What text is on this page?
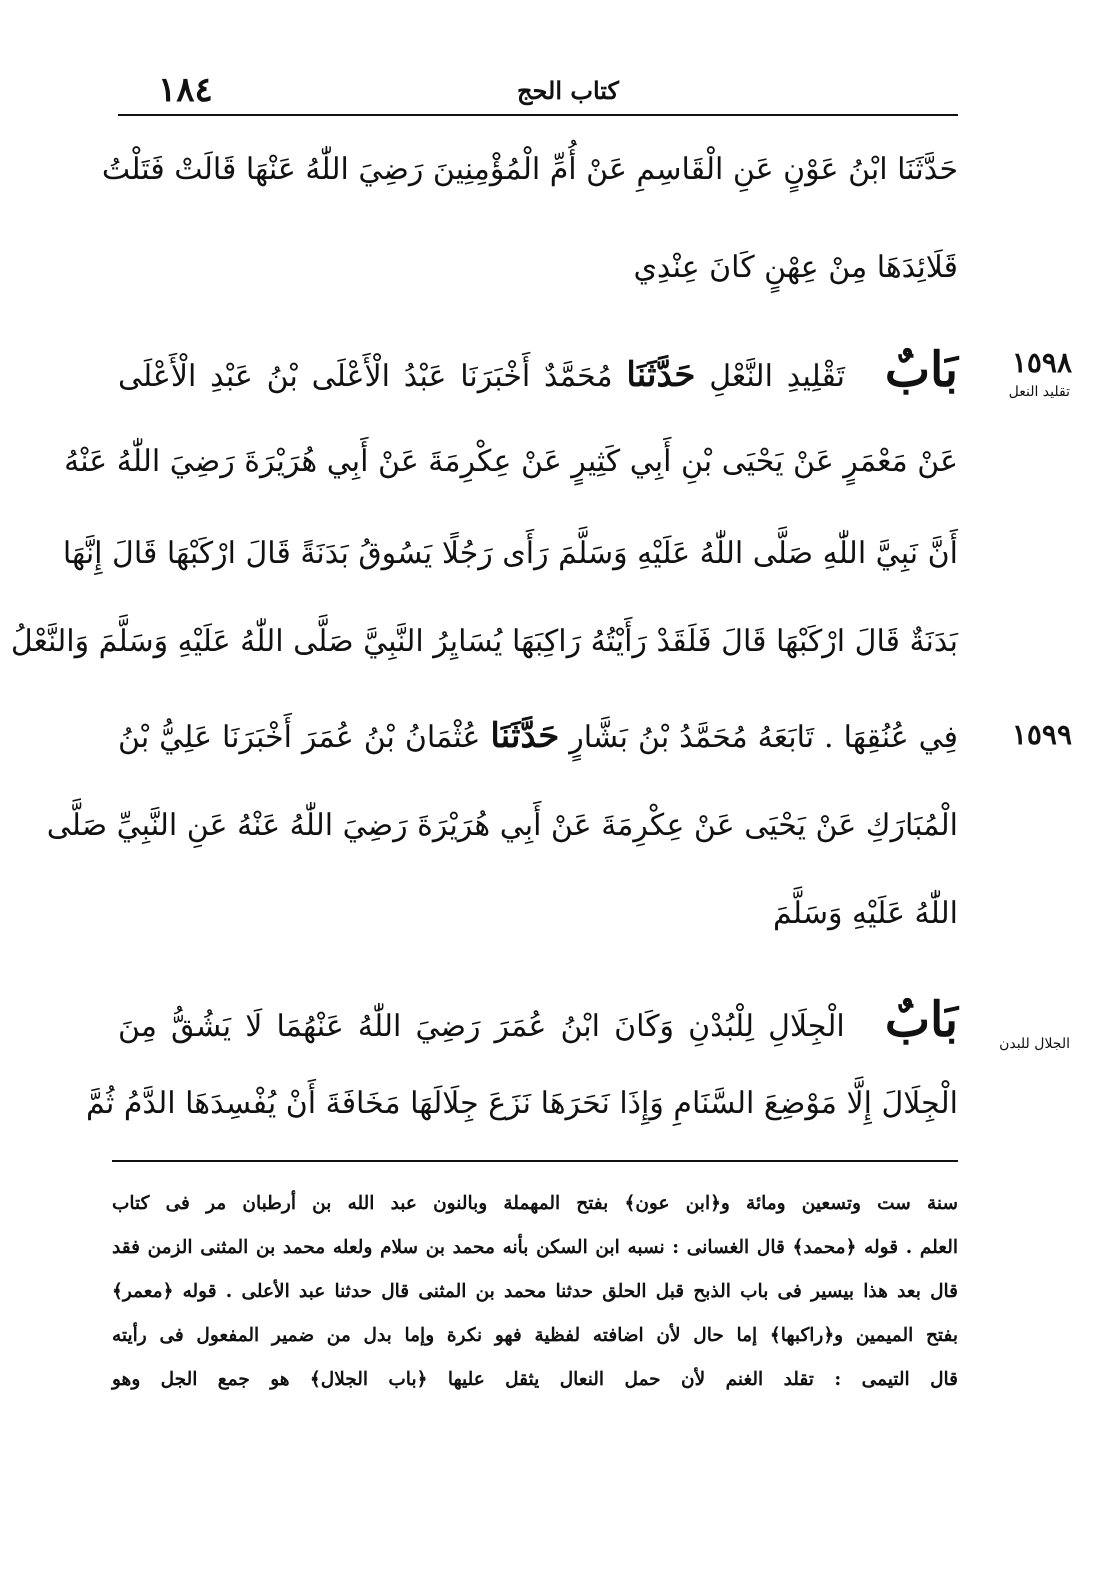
١٨٤	كتاب الحج
حَدَّثَنَا ابْنُ عَوْنٍ عَنِ الْقَاسِمِ عَنْ أُمِّ الْمُؤْمِنِينَ رَضِيَ اللّٰهُ عَنْهَا قَالَتْ فَتَلْتُ
قَلَائِدَهَا مِنْ عِهْنٍ كَانَ عِنْدِي
بَابٌ تَقْلِيدِ النَّعْلِ حَدَّثَنَا مُحَمَّدٌ أَخْبَرَنَا عَبْدُ الْأَعْلَى بْنُ عَبْدِ الْأَعْلَى	١٥٩٨
تقليد النعل
عَنْ مَعْمَرٍ عَنْ يَحْيَى بْنِ أَبِي كَثِيرٍ عَنْ عِكْرِمَةَ عَنْ أَبِي هُرَيْرَةَ رَضِيَ اللّٰهُ عَنْهُ
أَنَّ نَبِيَّ اللّٰهِ صَلَّى اللّٰهُ عَلَيْهِ وَسَلَّمَ رَأَى رَجُلًا يَسُوقُ بَدَنَةً قَالَ ارْكَبْهَا قَالَ إِنَّهَا
بَدَنَةٌ قَالَ ارْكَبْهَا قَالَ فَلَقَدْ رَأَيْتُهُ رَاكِبَهَا يُسَايِرُ النَّبِيَّ صَلَّى اللّٰهُ عَلَيْهِ وَسَلَّمَ وَالنَّعْلُ
فِي عُنُقِهَا . تَابَعَهُ مُحَمَّدُ بْنُ بَشَّارٍ حَدَّثَنَا عُثْمَانُ بْنُ عُمَرَ أَخْبَرَنَا عَلِيُّ بْنُ	١٥٩٩
الْمُبَارَكِ عَنْ يَحْيَى عَنْ عِكْرِمَةَ عَنْ أَبِي هُرَيْرَةَ رَضِيَ اللّٰهُ عَنْهُ عَنِ النَّبِيِّ صَلَّى
اللّٰهُ عَلَيْهِ وَسَلَّمَ
بَابٌ الْجِلَالِ لِلْبُدْنِ وَكَانَ ابْنُ عُمَرَ رَضِيَ اللّٰهُ عَنْهُمَا لَا يَشُقُّ مِنَ	الجلال للبدن
الْجِلَالَ إِلَّا مَوْضِعَ السَّنَامِ وَإِذَا نَحَرَهَا نَزَعَ جِلَالَهَا مَخَافَةَ أَنْ يُفْسِدَهَا الدَّمُ ثُمَّ
سنة ست وتسعين ومائة و﴿ابن عون﴾ بفتح المهملة وبالنون عبد الله بن أرطبان مر فى كتاب
العلم . قوله ﴿محمد﴾ قال الغسانى : نسبه ابن السكن بأنه محمد بن سلام ولعله محمد بن المثنى الزمن فقد
قال بعد هذا بيسير فى باب الذبح قبل الحلق حدثنا محمد بن المثنى قال حدثنا عبد الأعلى . قوله ﴿معمر﴾
بفتح الميمين و﴿راكبها﴾ إما حال لأن اضافته لفظية فهو نكرة وإما بدل من ضمير المفعول فى رأيته
قال التيمى : تقلد الغنم لأن حمل النعال يثقل عليها ﴿باب الجلال﴾ هو جمع الجل وهو
